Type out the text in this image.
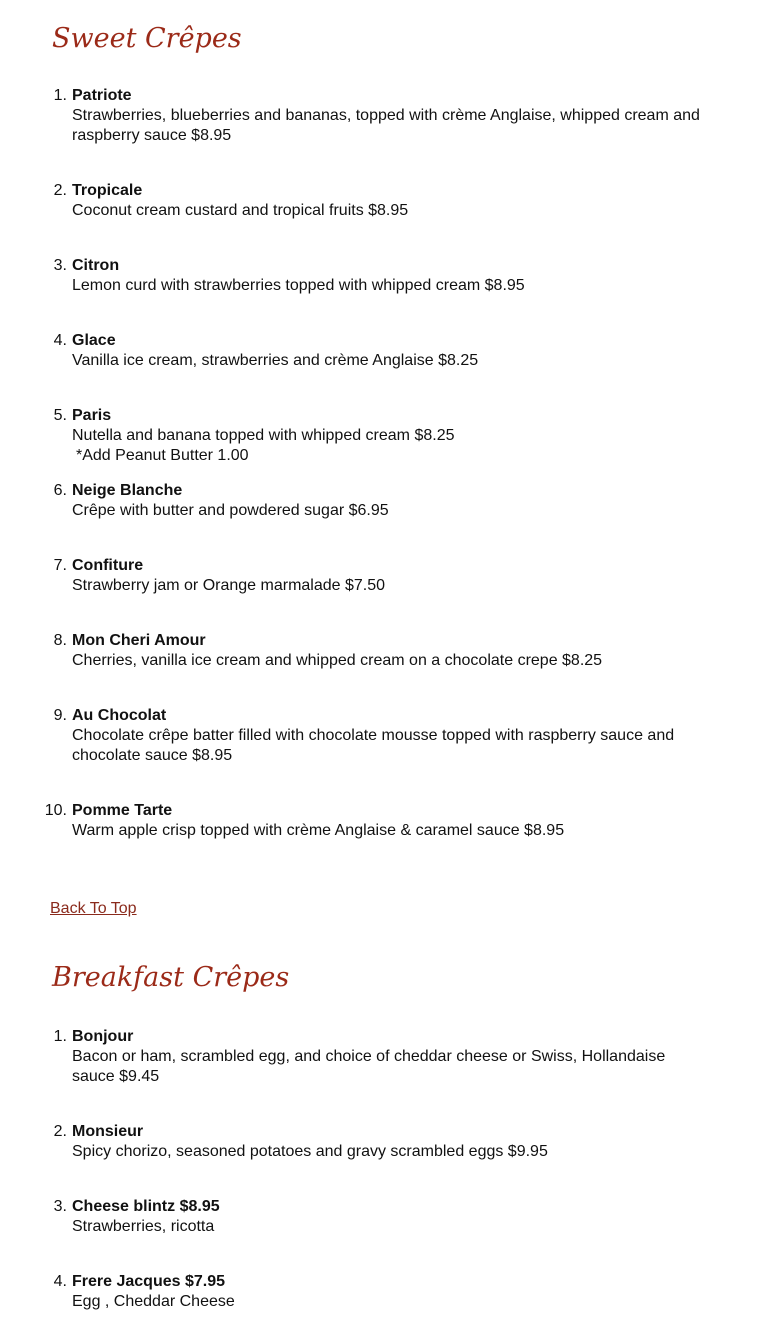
Sweet Crêpes
1. Patriote
Strawberries, blueberries and bananas, topped with crème Anglaise, whipped cream and raspberry sauce $8.95
2. Tropicale
Coconut cream custard and tropical fruits $8.95
3. Citron
Lemon curd with strawberries topped with whipped cream $8.95
4. Glace
Vanilla ice cream, strawberries and crème Anglaise $8.25
5. Paris
Nutella and banana topped with whipped cream $8.25
*Add Peanut Butter 1.00
6. Neige Blanche
Crêpe with butter and powdered sugar $6.95
7. Confiture
Strawberry jam or Orange marmalade $7.50
8. Mon Cheri Amour
Cherries, vanilla ice cream and whipped cream on a chocolate crepe $8.25
9. Au Chocolat
Chocolate crêpe batter filled with chocolate mousse topped with raspberry sauce and chocolate sauce $8.95
10. Pomme Tarte
Warm apple crisp topped with crème Anglaise & caramel sauce $8.95
Back To Top
Breakfast Crêpes
1. Bonjour
Bacon or ham, scrambled egg, and choice of cheddar cheese or Swiss, Hollandaise sauce $9.45
2. Monsieur
Spicy chorizo, seasoned potatoes and gravy scrambled eggs $9.95
3. Cheese blintz $8.95
Strawberries, ricotta
4. Frere Jacques $7.95
Egg , Cheddar Cheese
